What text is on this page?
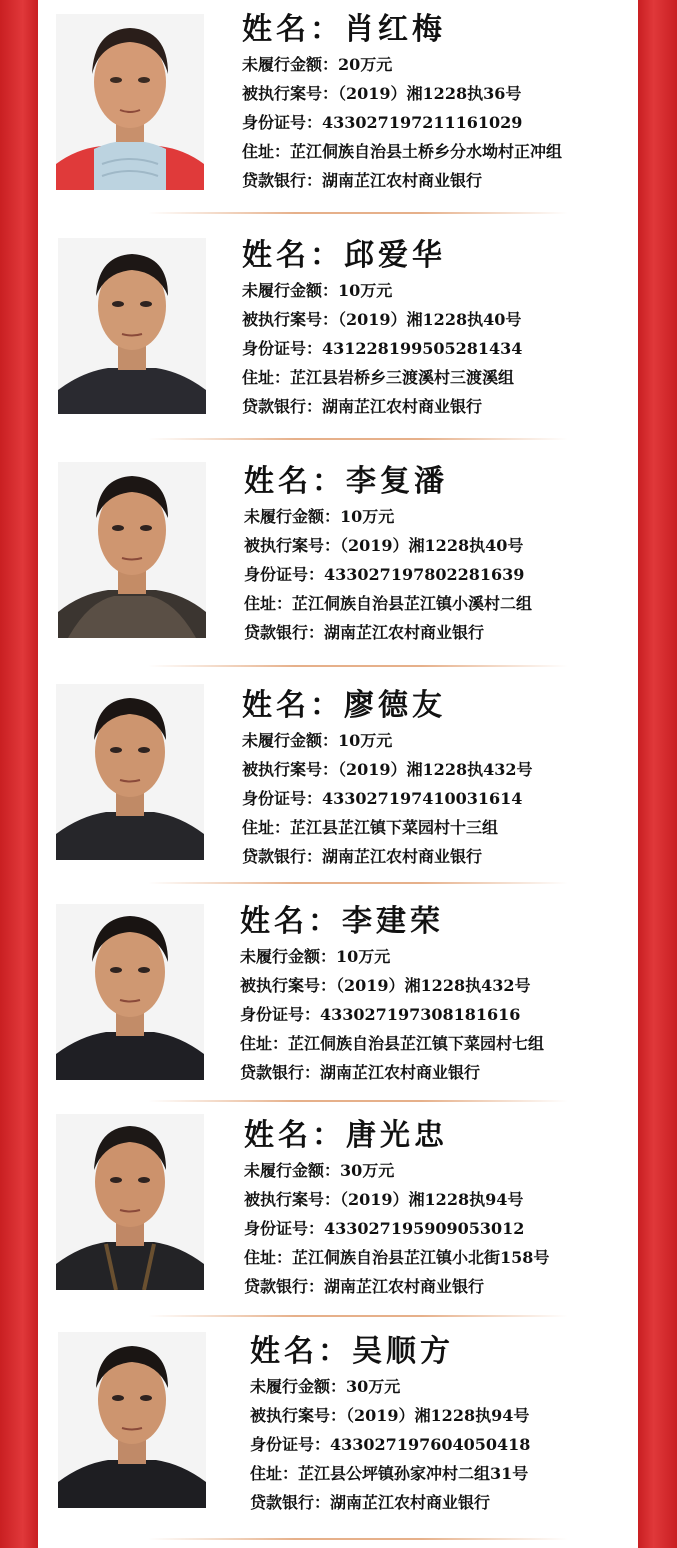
姓名：肖红梅
未履行金额：20万元
被执行案号：（2019）湘1228执36号
身份证号：433027197211161029
住址：芷江侗族自治县土桥乡分水坳村正冲组
贷款银行：湖南芷江农村商业银行
姓名：邱爱华
未履行金额：10万元
被执行案号：（2019）湘1228执40号
身份证号：431228199505281434
住址：芷江县岩桥乡三渡溪村三渡溪组
贷款银行：湖南芷江农村商业银行
姓名：李复潘
未履行金额：10万元
被执行案号：（2019）湘1228执40号
身份证号：433027197802281639
住址：芷江侗族自治县芷江镇小溪村二组
贷款银行：湖南芷江农村商业银行
姓名：廖德友
未履行金额：10万元
被执行案号：（2019）湘1228执432号
身份证号：433027197410031614
住址：芷江县芷江镇下菜园村十三组
贷款银行：湖南芷江农村商业银行
姓名：李建荣
未履行金额：10万元
被执行案号：（2019）湘1228执432号
身份证号：433027197308181616
住址：芷江侗族自治县芷江镇下菜园村七组
贷款银行：湖南芷江农村商业银行
姓名：唐光忠
未履行金额：30万元
被执行案号：（2019）湘1228执94号
身份证号：433027195909053012
住址：芷江侗族自治县芷江镇小北街158号
贷款银行：湖南芷江农村商业银行
姓名：吴顺方
未履行金额：30万元
被执行案号：（2019）湘1228执94号
身份证号：433027197604050418
住址：芷江县公坪镇孙家冲村二组31号
贷款银行：湖南芷江农村商业银行
